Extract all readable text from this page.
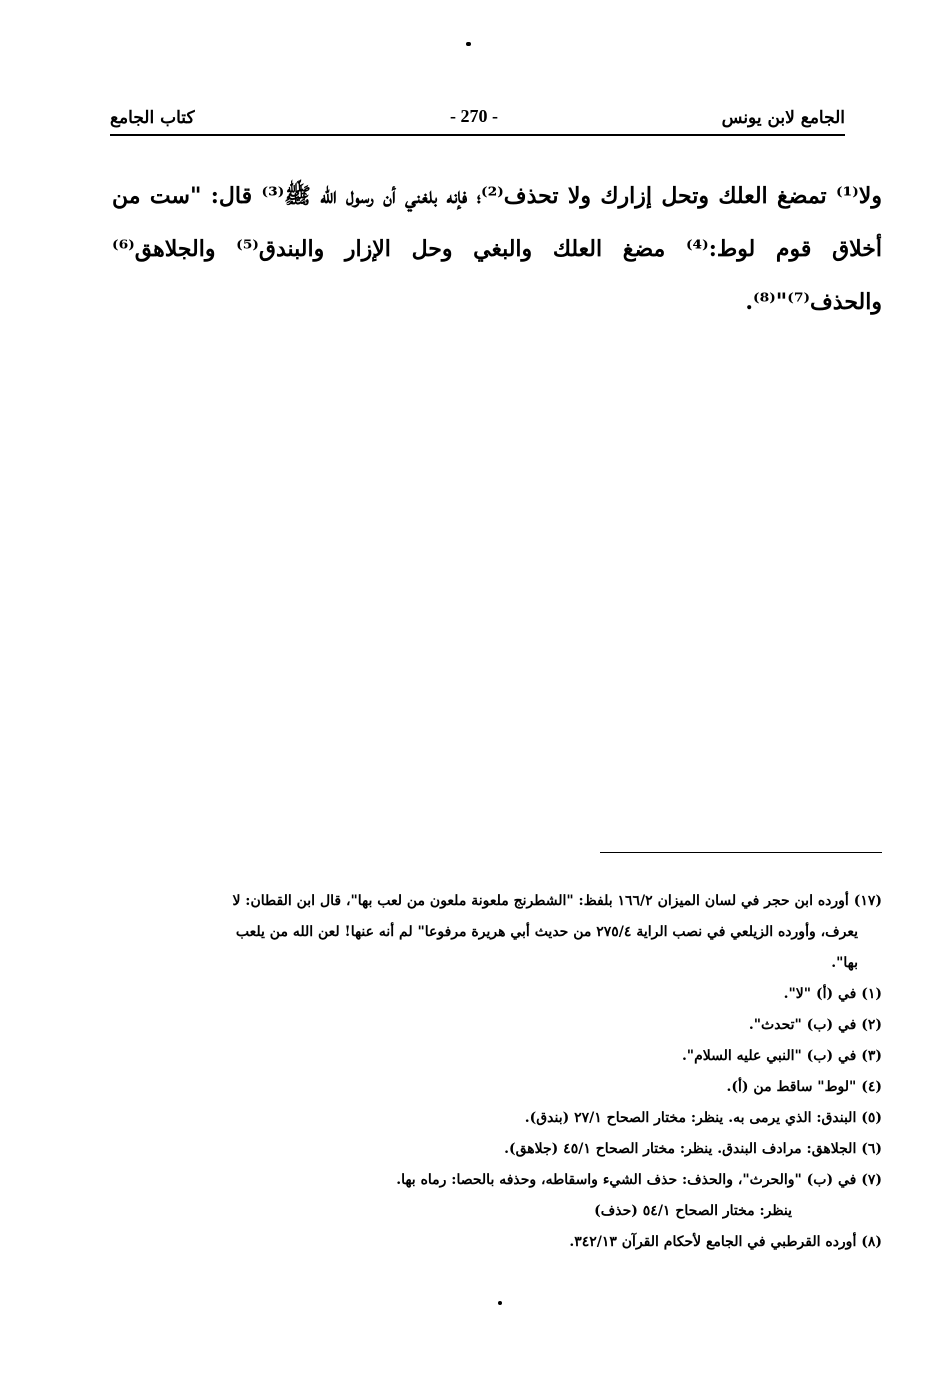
الجامع لابن يونس
- 270 -
كتاب الجامع

ولا⁽¹⁾ تمضغ العلك وتحل إزارك ولا تحذف⁽²⁾؛ فإنه بلغني أن رسول الله ﷺ⁽³⁾ قال: "ست من أخلاق قوم لوط:⁽⁴⁾ مضغ العلك والبغي وحل الإزار والبندق⁽⁵⁾ والجلاهق⁽⁶⁾ والحذف⁽⁷⁾"⁽⁸⁾.

(١٧) أورده ابن حجر في لسان الميزان ١٦٦/٢ بلفظ: "الشطرنج ملعونة ملعون من لعب بها"، قال ابن القطان: لا

يعرف، وأورده الزيلعي في نصب الراية ٢٧٥/٤ من حديث أبي هريرة مرفوعا" لم أنه عنها! لعن الله من يلعب

بها".

(١) في (أ) "لا".

(٢) في (ب) "تحدث".

(٣) في (ب) "النبي عليه السلام".

(٤) "لوط" ساقط من (أ).

(٥) البندق: الذي يرمى به. ينظر: مختار الصحاح ٢٧/١ (بندق).

(٦) الجلاهق: مرادف البندق. ينظر: مختار الصحاح ٤٥/١ (جلاهق).

(٧) في (ب) "والحرث"، والحذف: حذف الشيء واسقاطه، وحذفه بالحصا: رماه بها.

ينظر: مختار الصحاح ٥٤/١ (حذف)

(٨) أورده القرطبي في الجامع لأحكام القرآن ٣٤٢/١٣.
